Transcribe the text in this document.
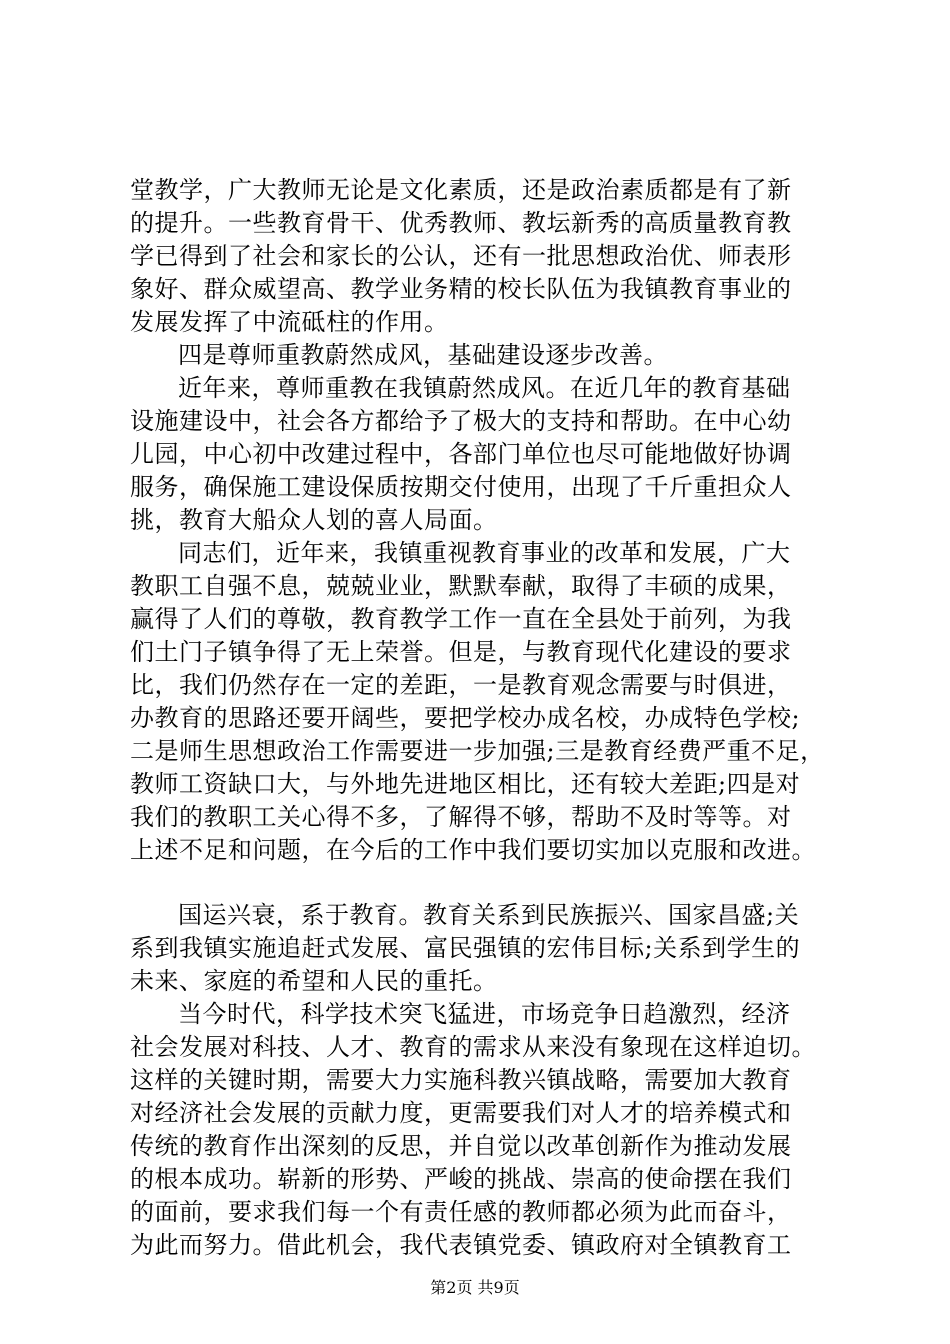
堂教学，广大教师无论是文化素质，还是政治素质都是有了新
的提升。一些教育骨干、优秀教师、教坛新秀的高质量教育教
学已得到了社会和家长的公认，还有一批思想政治优、师表形
象好、群众威望高、教学业务精的校长队伍为我镇教育事业的
发展发挥了中流砥柱的作用。
四是尊师重教蔚然成风，基础建设逐步改善。
近年来，尊师重教在我镇蔚然成风。在近几年的教育基础
设施建设中，社会各方都给予了极大的支持和帮助。在中心幼
儿园，中心初中改建过程中，各部门单位也尽可能地做好协调
服务，确保施工建设保质按期交付使用，出现了千斤重担众人
挑，教育大船众人划的喜人局面。
同志们，近年来，我镇重视教育事业的改革和发展，广大
教职工自强不息，兢兢业业，默默奉献，取得了丰硕的成果，
赢得了人们的尊敬，教育教学工作一直在全县处于前列，为我
们土门子镇争得了无上荣誉。但是，与教育现代化建设的要求
比，我们仍然存在一定的差距，一是教育观念需要与时俱进，
办教育的思路还要开阔些，要把学校办成名校，办成特色学校;
二是师生思想政治工作需要进一步加强;三是教育经费严重不足，
教师工资缺口大，与外地先进地区相比，还有较大差距;四是对
我们的教职工关心得不多，了解得不够，帮助不及时等等。对
上述不足和问题，在今后的工作中我们要切实加以克服和改进。
国运兴衰，系于教育。教育关系到民族振兴、国家昌盛;关
系到我镇实施追赶式发展、富民强镇的宏伟目标;关系到学生的
未来、家庭的希望和人民的重托。
当今时代，科学技术突飞猛进，市场竞争日趋激烈，经济
社会发展对科技、人才、教育的需求从来没有象现在这样迫切。
这样的关键时期，需要大力实施科教兴镇战略，需要加大教育
对经济社会发展的贡献力度，更需要我们对人才的培养模式和
传统的教育作出深刻的反思，并自觉以改革创新作为推动发展
的根本成功。崭新的形势、严峻的挑战、崇高的使命摆在我们
的面前，要求我们每一个有责任感的教师都必须为此而奋斗，
为此而努力。借此机会，我代表镇党委、镇政府对全镇教育工
第2页 共9页
